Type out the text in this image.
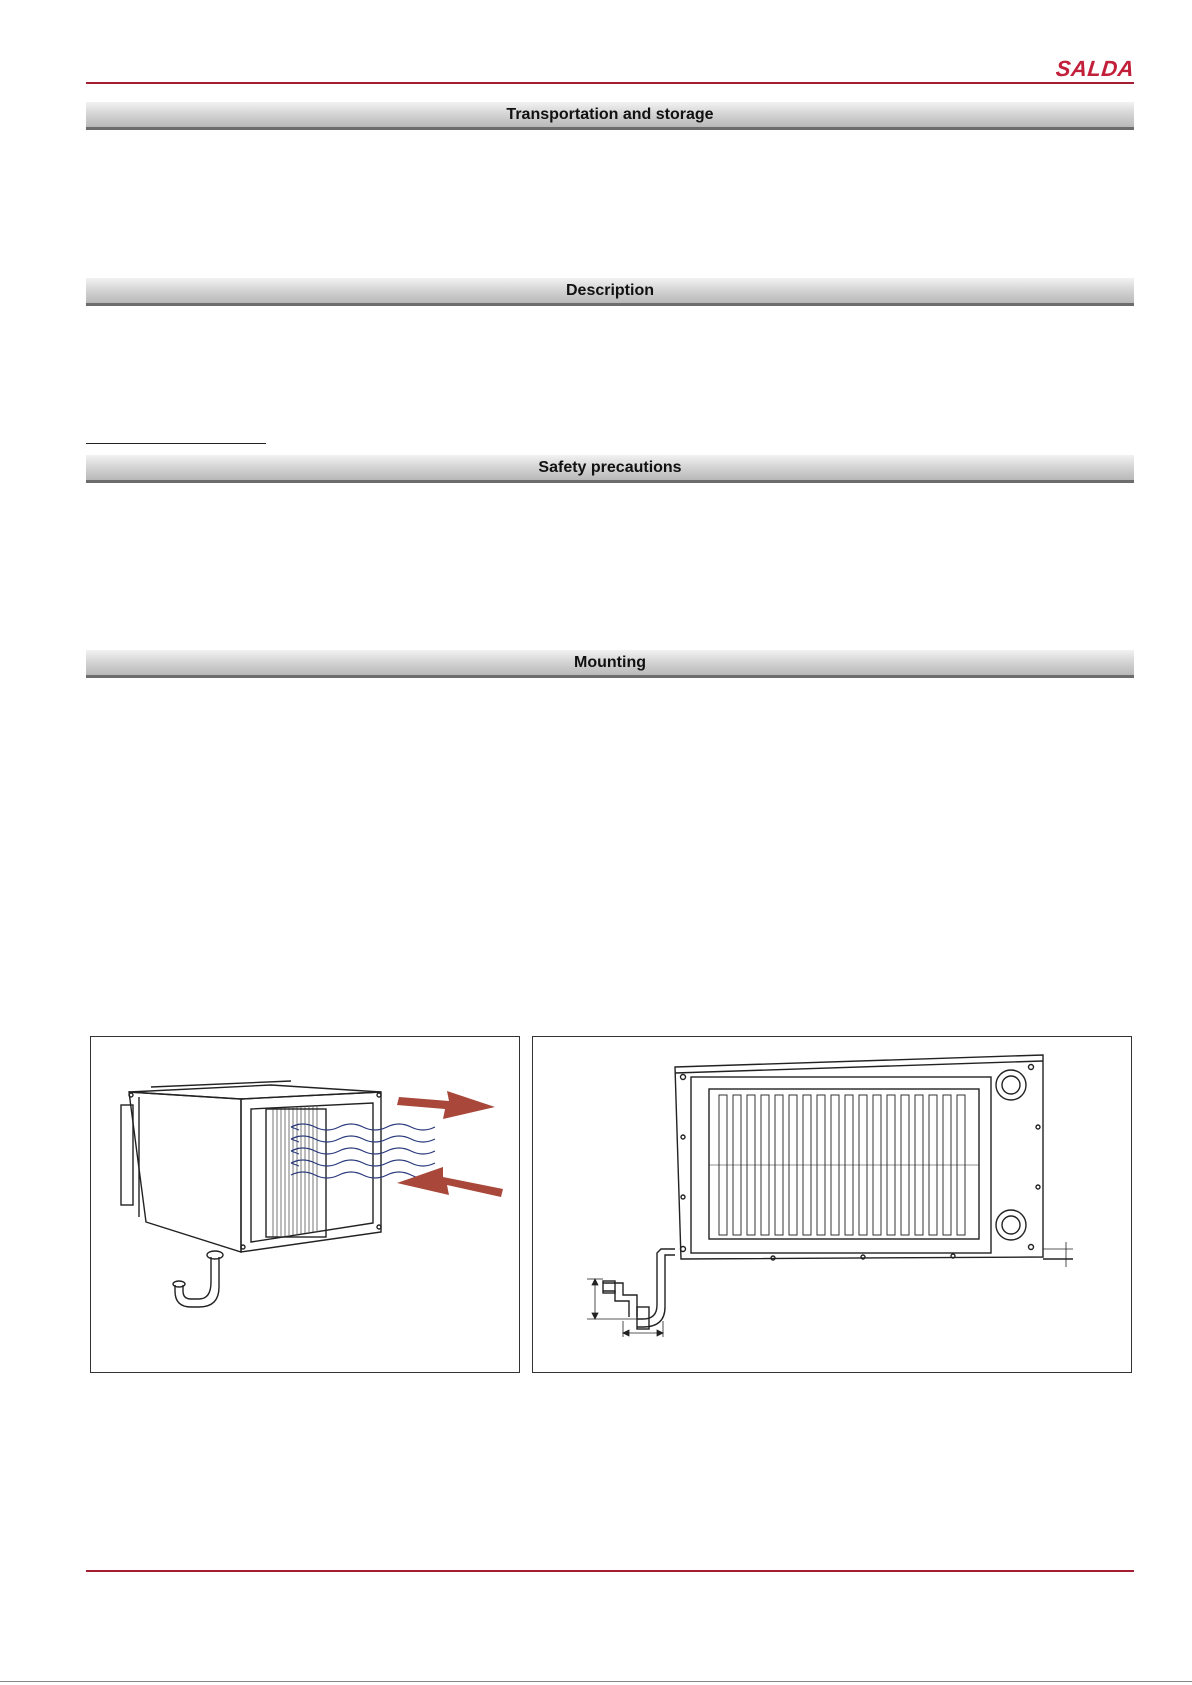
SALDA
Transportation and storage
Description
Safety precautions
Mounting
